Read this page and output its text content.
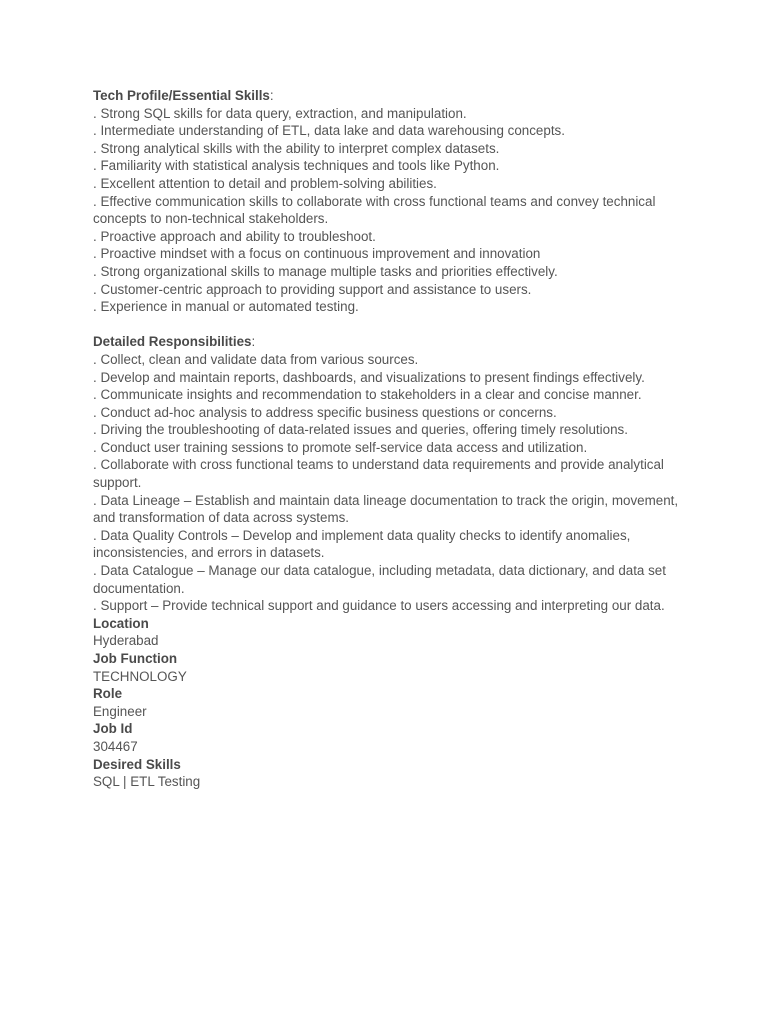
Tech Profile/Essential Skills:

. Strong SQL skills for data query, extraction, and manipulation.

. Intermediate understanding of ETL, data lake and data warehousing concepts.

. Strong analytical skills with the ability to interpret complex datasets.

. Familiarity with statistical analysis techniques and tools like Python.

. Excellent attention to detail and problem-solving abilities.

. Effective communication skills to collaborate with cross functional teams and convey technical concepts to non-technical stakeholders.

. Proactive approach and ability to troubleshoot.

. Proactive mindset with a focus on continuous improvement and innovation

. Strong organizational skills to manage multiple tasks and priorities effectively.

. Customer-centric approach to providing support and assistance to users.

. Experience in manual or automated testing.

Detailed Responsibilities:

. Collect, clean and validate data from various sources.

. Develop and maintain reports, dashboards, and visualizations to present findings effectively.

. Communicate insights and recommendation to stakeholders in a clear and concise manner.

. Conduct ad-hoc analysis to address specific business questions or concerns.

. Driving the troubleshooting of data-related issues and queries, offering timely resolutions.

. Conduct user training sessions to promote self-service data access and utilization.

. Collaborate with cross functional teams to understand data requirements and provide analytical support.

. Data Lineage – Establish and maintain data lineage documentation to track the origin, movement, and transformation of data across systems.

. Data Quality Controls – Develop and implement data quality checks to identify anomalies, inconsistencies, and errors in datasets.

. Data Catalogue – Manage our data catalogue, including metadata, data dictionary, and data set documentation.

. Support – Provide technical support and guidance to users accessing and interpreting our data.

Location

Hyderabad

Job Function

TECHNOLOGY

Role

Engineer

Job Id

304467

Desired Skills

SQL | ETL Testing
